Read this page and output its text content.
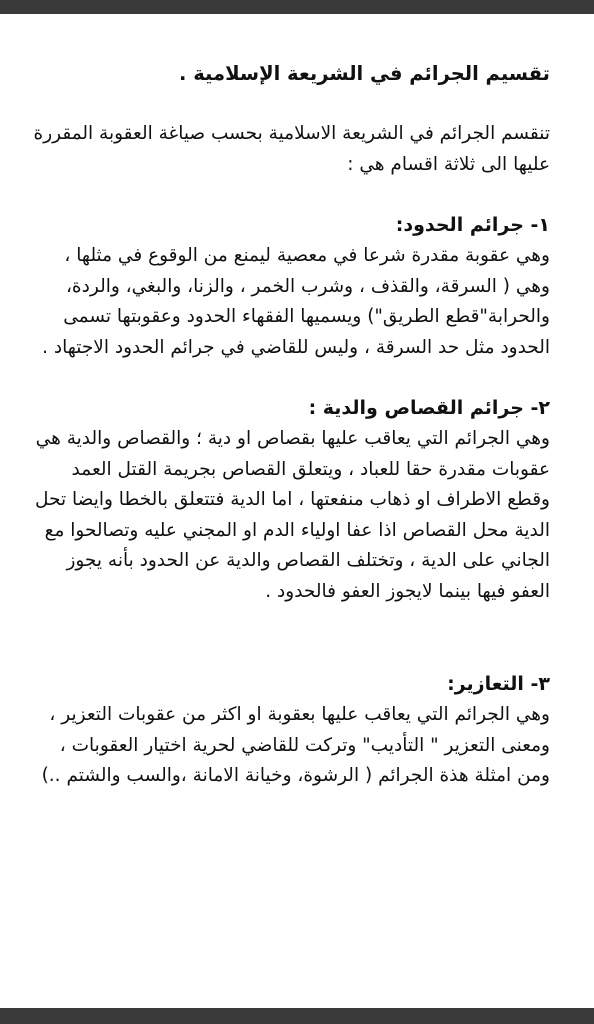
تقسيم الجرائم في الشريعة الإسلامية .

تنقسم الجرائم في الشريعة الاسلامية بحسب صياغة العقوبة المقررة عليها الى ثلاثة اقسام هي :

١- جرائم الحدود:

وهي عقوبة مقدرة شرعا في معصية ليمنع من الوقوع في مثلها ، وهي ( السرقة، والقذف ، وشرب الخمر ، والزنا، والبغي، والردة، والحرابة"قطع الطريق") ويسميها الفقهاء الحدود وعقوبتها تسمى الحدود مثل حد السرقة ، وليس للقاضي في جرائم الحدود الاجتهاد .

٢- جرائم القصاص والدية :

وهي الجرائم التي يعاقب عليها بقصاص او دية ؛ والقصاص والدية هي عقوبات مقدرة حقا للعباد ، ويتعلق القصاص بجريمة القتل العمد وقطع الاطراف او ذهاب منفعتها ، اما الدية فتتعلق بالخطا وايضا تحل الدية محل القصاص اذا عفا اولياء الدم او المجني عليه وتصالحوا مع الجاني على الدية ، وتختلف القصاص والدية عن الحدود بأنه يجوز العفو فيها بينما لايجوز العفو فالحدود .

٣- التعازير:

وهي الجرائم التي يعاقب عليها بعقوبة او اكثر من عقوبات التعزير ، ومعنى التعزير " التأديب" وتركت للقاضي لحرية اختيار العقوبات ، ومن امثلة هذة الجرائم ( الرشوة، وخيانة الامانة ،والسب والشتم ..)
